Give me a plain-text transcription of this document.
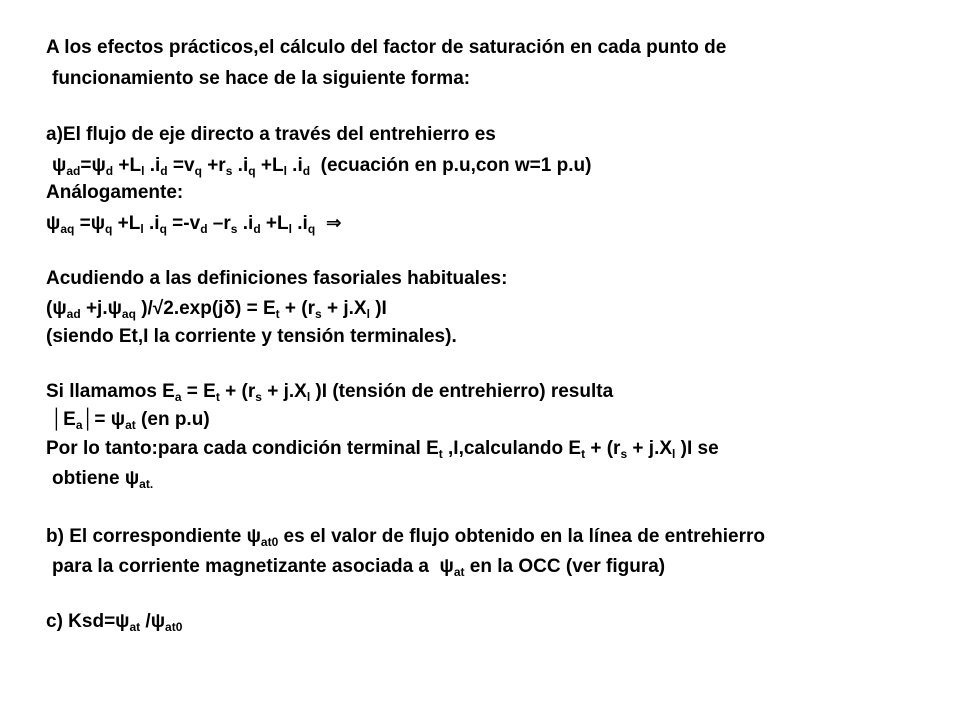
A los efectos prácticos,el cálculo del factor de saturación en cada punto de
funcionamiento se hace de la siguiente forma:
a)El flujo de eje directo a través del entrehierro es
$\psi_{ad}=\psi_d +L_l$ $.i_d =v_q +r_s$ $.i_q +L_l$ $.i_d$  (ecuación en p.u,con w=1 p.u)
Análogamente:
$\psi_{aq} =\psi_q +L_l$ $.i_q =-v_d$ $-r_s$ $.i_d +L_l$ $.i_q$  ⇒
Acudiendo a las definiciones fasoriales habituales:
($\psi_{ad} +j.\psi_{aq}$ )$/√2.\exp(j\delta) = E_t + (r_s + j.X_l$ )I
(siendo Et,I la corriente y tensión terminales).
Si llamamos $E_a = E_t + (r_s + j.X_l$ )I (tensión de entrehierro) resulta
$│E_a│= \psi_{at}$ (en p.u)
Por lo tanto:para cada condición terminal $E_t$ ,I,calculando $E_t + (r_s + j.X_l$ )I se
obtiene $\psi_{at.}$
b) El correspondiente $\psi_{at0}$ es el valor de flujo obtenido en la línea de entrehierro
para la corriente magnetizante asociada a  $\psi_{at}$ en la OCC (ver figura)
c) $Ksd=\psi_{at}$ $/\psi_{at0}$
